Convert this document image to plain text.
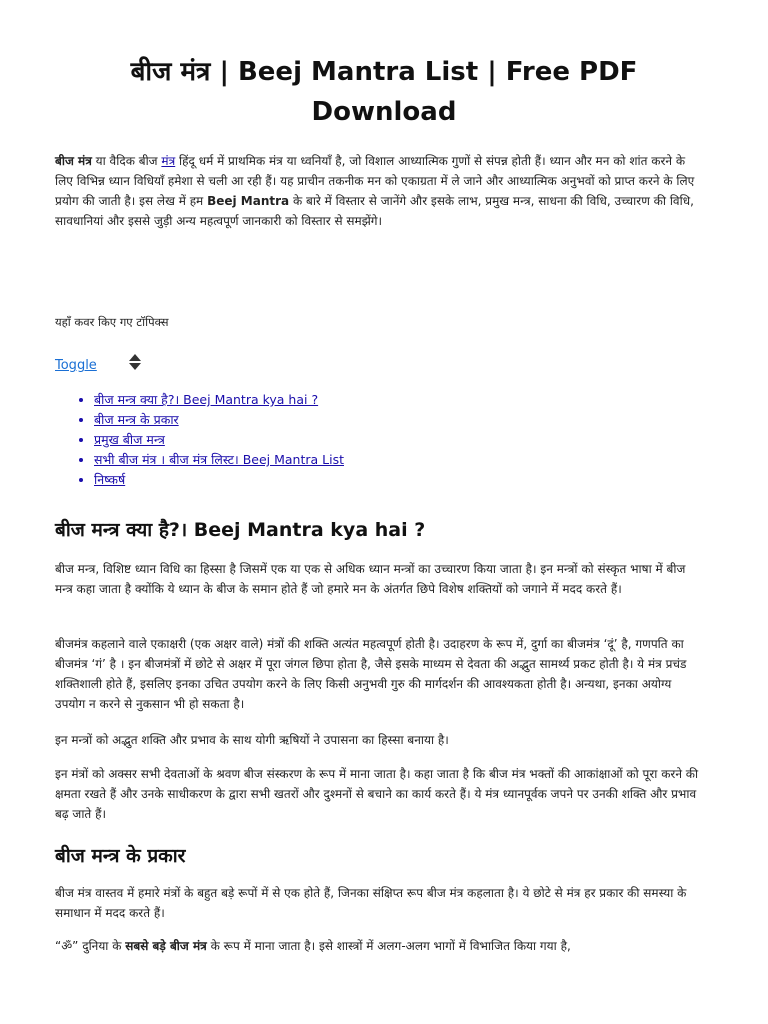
बीज मंत्र | Beej Mantra List | Free PDF Download

बीज मंत्र या वैदिक बीज मंत्र हिंदू धर्म में प्राथमिक मंत्र या ध्वनियाँ है, जो विशाल आध्यात्मिक गुणों से संपन्न होती हैं। ध्यान और मन को शांत करने के लिए विभिन्न ध्यान विधियाँ हमेशा से चली आ रही हैं। यह प्राचीन तकनीक मन को एकाग्रता में ले जाने और आध्यात्मिक अनुभवों को प्राप्त करने के लिए प्रयोग की जाती है। इस लेख में हम Beej Mantra के बारे में विस्तार से जानेंगे और इसके लाभ, प्रमुख मन्त्र, साधना की विधि, उच्चारण की विधि, सावधानियां और इससे जुड़ी अन्य महत्वपूर्ण जानकारी को विस्तार से समझेंगे।

यहाँ कवर किए गए टॉपिक्स
Toggle
• बीज मन्त्र क्या है?। Beej Mantra kya hai ?
• बीज मन्त्र के प्रकार
• प्रमुख बीज मन्त्र
• सभी बीज मंत्र । बीज मंत्र लिस्ट। Beej Mantra List
• निष्कर्ष
बीज मन्त्र क्या है?। Beej Mantra kya hai ?

बीज मन्त्र, विशिष्ट ध्यान विधि का हिस्सा है जिसमें एक या एक से अधिक ध्यान मन्त्रों का उच्चारण किया जाता है। इन मन्त्रों को संस्कृत भाषा में बीज मन्त्र कहा जाता है क्योंकि ये ध्यान के बीज के समान होते हैं जो हमारे मन के अंतर्गत छिपे विशेष शक्तियों को जगाने में मदद करते हैं।

बीजमंत्र कहलाने वाले एकाक्षरी (एक अक्षर वाले) मंत्रों की शक्ति अत्यंत महत्वपूर्ण होती है। उदाहरण के रूप में, दुर्गा का बीजमंत्र ‘दूं’ है, गणपति का बीजमंत्र ‘गं’ है । इन बीजमंत्रों में छोटे से अक्षर में पूरा जंगल छिपा होता है, जैसे इसके माध्यम से देवता की अद्भुत सामर्थ्य प्रकट होती है। ये मंत्र प्रचंड शक्तिशाली होते हैं, इसलिए इनका उचित उपयोग करने के लिए किसी अनुभवी गुरु की मार्गदर्शन की आवश्यकता होती है। अन्यथा, इनका अयोग्य उपयोग न करने से नुकसान भी हो सकता है।

इन मन्त्रों को अद्भुत शक्ति और प्रभाव के साथ योगी ऋषियों ने उपासना का हिस्सा बनाया है।

इन मंत्रों को अक्सर सभी देवताओं के श्रवण बीज संस्करण के रूप में माना जाता है। कहा जाता है कि बीज मंत्र भक्तों की आकांक्षाओं को पूरा करने की क्षमता रखते हैं और उनके साधीकरण के द्वारा सभी खतरों और दुश्मनों से बचाने का कार्य करते हैं। ये मंत्र ध्यानपूर्वक जपने पर उनकी शक्ति और प्रभाव बढ़ जाते हैं।

बीज मन्त्र के प्रकार

बीज मंत्र वास्तव में हमारे मंत्रों के बहुत बड़े रूपों में से एक होते हैं, जिनका संक्षिप्त रूप बीज मंत्र कहलाता है। ये छोटे से मंत्र हर प्रकार की समस्या के समाधान में मदद करते हैं।

“ॐ” दुनिया के सबसे बड़े बीज मंत्र के रूप में माना जाता है। इसे शास्त्रों में अलग-अलग भागों में विभाजित किया गया है,
